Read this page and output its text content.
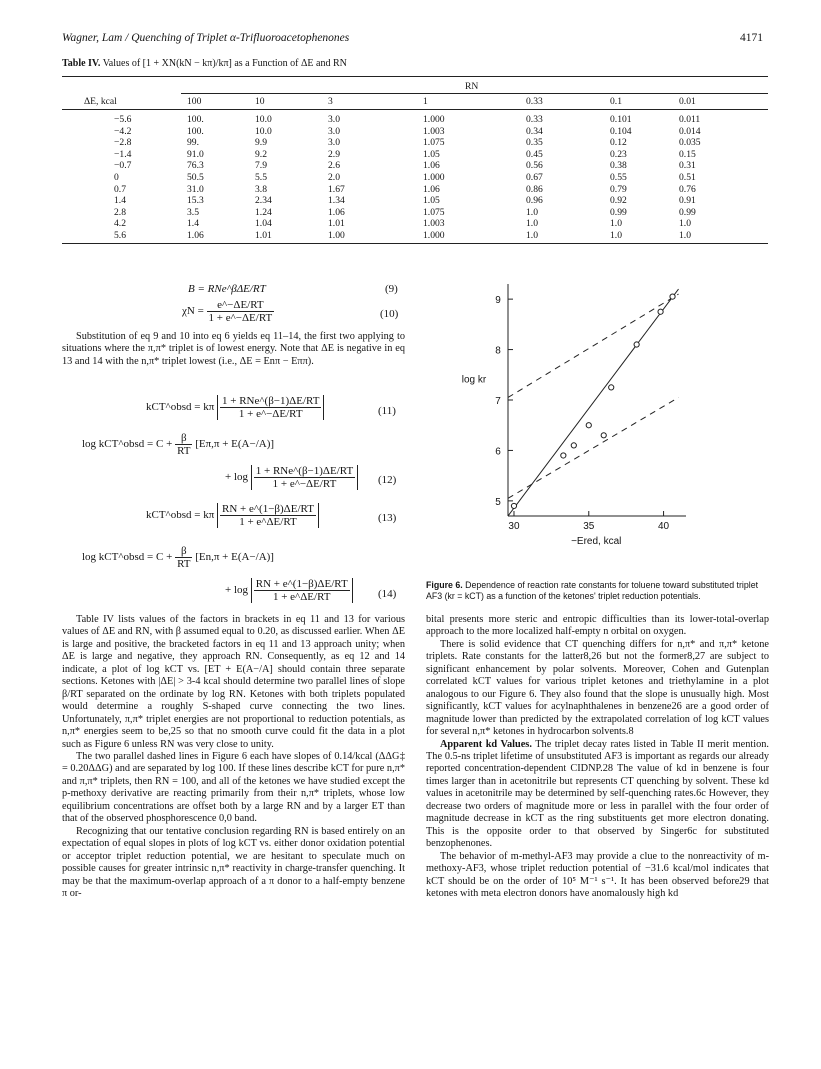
Wagner, Lam / Quenching of Triplet α-Trifluoroacetophenones	4171
Table IV. Values of [1 + XN(kN − kπ)/kπ] as a Function of ΔE and RN
RN
ΔE, kcal	100	10	3	1	0.33	0.1	0.01
−5.6	100.	10.0	3.0	1.000	0.33	0.101	0.011
−4.2	100.	10.0	3.0	1.003	0.34	0.104	0.014
−2.8	99.	9.9	3.0	1.075	0.35	0.12	0.035
−1.4	91.0	9.2	2.9	1.05	0.45	0.23	0.15
−0.7	76.3	7.9	2.6	1.06	0.56	0.38	0.31
0	50.5	5.5	2.0	1.000	0.67	0.55	0.51
0.7	31.0	3.8	1.67	1.06	0.86	0.79	0.76
1.4	15.3	2.34	1.34	1.05	0.96	0.92	0.91
2.8	3.5	1.24	1.06	1.075	1.0	0.99	0.99
4.2	1.4	1.04	1.01	1.003	1.0	1.0	1.0
5.6	1.06	1.01	1.00	1.000	1.0	1.0	1.0
B = RNe^βΔE/RT	(9)
$\chi N = \frac{e\^{}-\Delta E/RT}{1 + e\^{}-\Delta E/RT}$	(10)

Substitution of eq 9 and 10 into eq 6 yields eq 11–14, the first two applying to situations where the π,π* triplet is of lowest energy. Note that ΔE is negative in eq 13 and 14 with the n,π* triplet lowest (i.e., ΔE = Enπ − Eππ).

kCT^obsd = kπ $\frac{\text{1 + RNe\textasciicircum{}(β−1)ΔE/RT}}{1 + e\^{}-\Delta E/RT}$	(11)
log kCT^obsd = $C + \frac{\beta}{RT} [E\pi,\pi + E(A-/A)]$
+ $\log \frac{\text{1 + RNe\textasciicircum{}(β−1)ΔE/RT}}{1 + e\^{}-\Delta E/RT} (12)$
kCT^obsd = kπ $\frac{RN + e\^{}(1-\beta)\Delta E/RT}{1 + e\^{}\Delta E/RT}$	(13)
log kCT^obsd = $C + \frac{\beta}{RT} [En,\pi + E(A-/A)]$
+ $\log \frac{RN + e\^{}(1-\beta)\Delta E/RT}{1 + e\^{}\Delta E/RT}$	(14)

Table IV lists values of the factors in brackets in eq 11 and 13 for various values of ΔE and RN, with β assumed equal to 0.20, as discussed earlier. When ΔE is large and positive, the bracketed factors in eq 11 and 13 approach unity; when ΔE is large and negative, they approach RN. Consequently, as eq 12 and 14 indicate, a plot of log kCT vs. [ET + E(A−/A] should contain three separate sections. Ketones with |ΔE| > 3-4 kcal should determine two parallel lines of slope β/RT separated on the ordinate by log RN. Ketones with both triplets populated would determine a roughly S-shaped curve connecting the two lines. Unfortunately, π,π* triplet energies are not proportional to reduction potentials, as n,π* energies seem to be,25 so that no smooth curve could fit the data in a plot such as Figure 6 unless RN was very close to unity.

The two parallel dashed lines in Figure 6 each have slopes of 0.14/kcal (ΔΔG‡ = 0.20ΔΔG) and are separated by log 100. If these lines describe kCT for pure n,π* and π,π* triplets, then RN = 100, and all of the ketones we have studied except the p-methoxy derivative are reacting primarily from their n,π* triplets, whose low equilibrium concentrations are offset both by a large RN and by a larger ET than that of the observed phosphorescence 0,0 band.

Recognizing that our tentative conclusion regarding RN is based entirely on an expectation of equal slopes in plots of log kCT vs. either donor oxidation potential or acceptor triplet reduction potential, we are hesitant to speculate much on possible causes for greater intrinsic n,π* reactivity in charge-transfer quenching. It may be that the maximum-overlap approach of a π donor to a half-empty benzene π or-

5
6
7
8
9
30	35	40
log kr
−Ered, kcal
Figure 6. Dependence of reaction rate constants for toluene toward substituted triplet AF3 (kr = kCT) as a function of the ketones' triplet reduction potentials.

bital presents more steric and entropic difficulties than its lower-total-overlap approach to the more localized half-empty n orbital on oxygen.

There is solid evidence that CT quenching differs for n,π* and π,π* ketone triplets. Rate constants for the latter8,26 but not the former8,27 are subject to significant enhancement by polar solvents. Moreover, Cohen and Gutenplan correlated kCT values for various triplet ketones and triethylamine in a plot analogous to our Figure 6. They also found that the slope is unusually high. Most significantly, kCT values for acylnaphthalenes in benzene26 are a good order of magnitude lower than predicted by the extrapolated correlation of log kCT values for several n,π* ketones in hydrocarbon solvents.8

Apparent kd Values. The triplet decay rates listed in Table II merit mention. The 0.5-ns triplet lifetime of unsubstituted AF3 is important as regards our already reported concentration-dependent CIDNP.28 The value of kd in benzene is four times larger than in acetonitrile but represents CT quenching by solvent. These kd values in acetonitrile may be determined by self-quenching rates.6c However, they decrease two orders of magnitude more or less in parallel with the four order of magnitude decrease in kCT as the ring substituents get more electron donating. This is the opposite order to that observed by Singer6c for substituted benzophenones.

The behavior of m-methyl-AF3 may provide a clue to the nonreactivity of m-methoxy-AF3, whose triplet reduction potential of −31.6 kcal/mol indicates that kCT should be on the order of 10⁵ M⁻¹ s⁻¹. It has been observed before29 that ketones with meta electron donors have anomalously high kd
